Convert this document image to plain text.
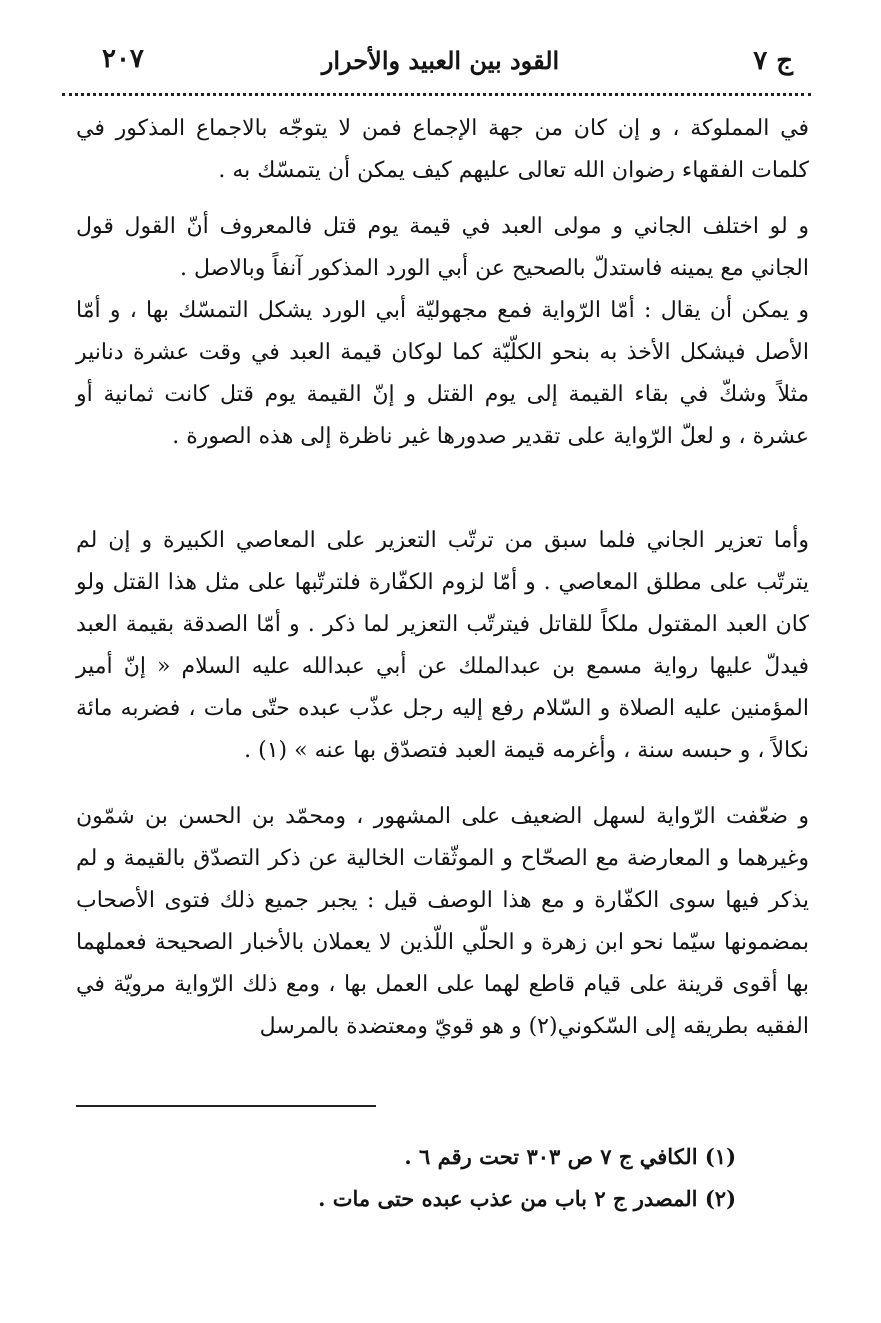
ج ٧
القود بين العبيد والأحرار
٢٠٧

في المملوكة ، و إن كان من جهة الإجماع فمن لا يتوجّه بالاجماع المذكور في كلمات الفقهاء رضوان الله تعالى عليهم كيف يمكن أن يتمسّك به .

و لو اختلف الجاني و مولى العبد في قيمة يوم قتل فالمعروف أنّ القول قول الجاني مع يمينه فاستدلّ بالصحيح عن أبي الورد المذكور آنفاً وبالاصل .

و يمكن أن يقال : أمّا الرّواية فمع مجهوليّة أبي الورد يشكل التمسّك بها ، و أمّا الأصل فيشكل الأخذ به بنحو الكلّيّة كما لوكان قيمة العبد في وقت عشرة دنانير مثلاً وشكّ في بقاء القيمة إلى يوم القتل و إنّ القيمة يوم قتل كانت ثمانية أو عشرة ، و لعلّ الرّواية على تقدير صدورها غير ناظرة إلى هذه الصورة .

وأما تعزير الجاني فلما سبق من ترتّب التعزير على المعاصي الكبيرة و إن لم يترتّب على مطلق المعاصي . و أمّا لزوم الكفّارة فلترتّبها على مثل هذا القتل ولو كان العبد المقتول ملكاً للقاتل فيترتّب التعزير لما ذكر . و أمّا الصدقة بقيمة العبد فيدلّ عليها رواية مسمع بن عبدالملك عن أبي عبدالله عليه السلام « إنّ أمير المؤمنين عليه الصلاة و السّلام رفع إليه رجل عذّب عبده حتّى مات ، فضربه مائة نكالاً ، و حبسه سنة ، وأغرمه قيمة العبد فتصدّق بها عنه » (١) .

و ضعّفت الرّواية لسهل الضعيف على المشهور ، ومحمّد بن الحسن بن شمّون وغيرهما و المعارضة مع الصحّاح و الموثّقات الخالية عن ذكر التصدّق بالقيمة و لم يذكر فيها سوى الكفّارة و مع هذا الوصف قيل : يجبر جميع ذلك فتوى الأصحاب بمضمونها سيّما نحو ابن زهرة و الحلّي اللّذين لا يعملان بالأخبار الصحيحة فعملهما بها أقوى قرينة على قيام قاطع لهما على العمل بها ، ومع ذلك الرّواية مرويّة في الفقيه بطريقه إلى السّكوني(٢) و هو قويّ ومعتضدة بالمرسل

(١) الكافي ج ٧ ص ٣٠٣ تحت رقم ٦ .
(٢) المصدر ج ٢ باب من عذب عبده حتى مات .
